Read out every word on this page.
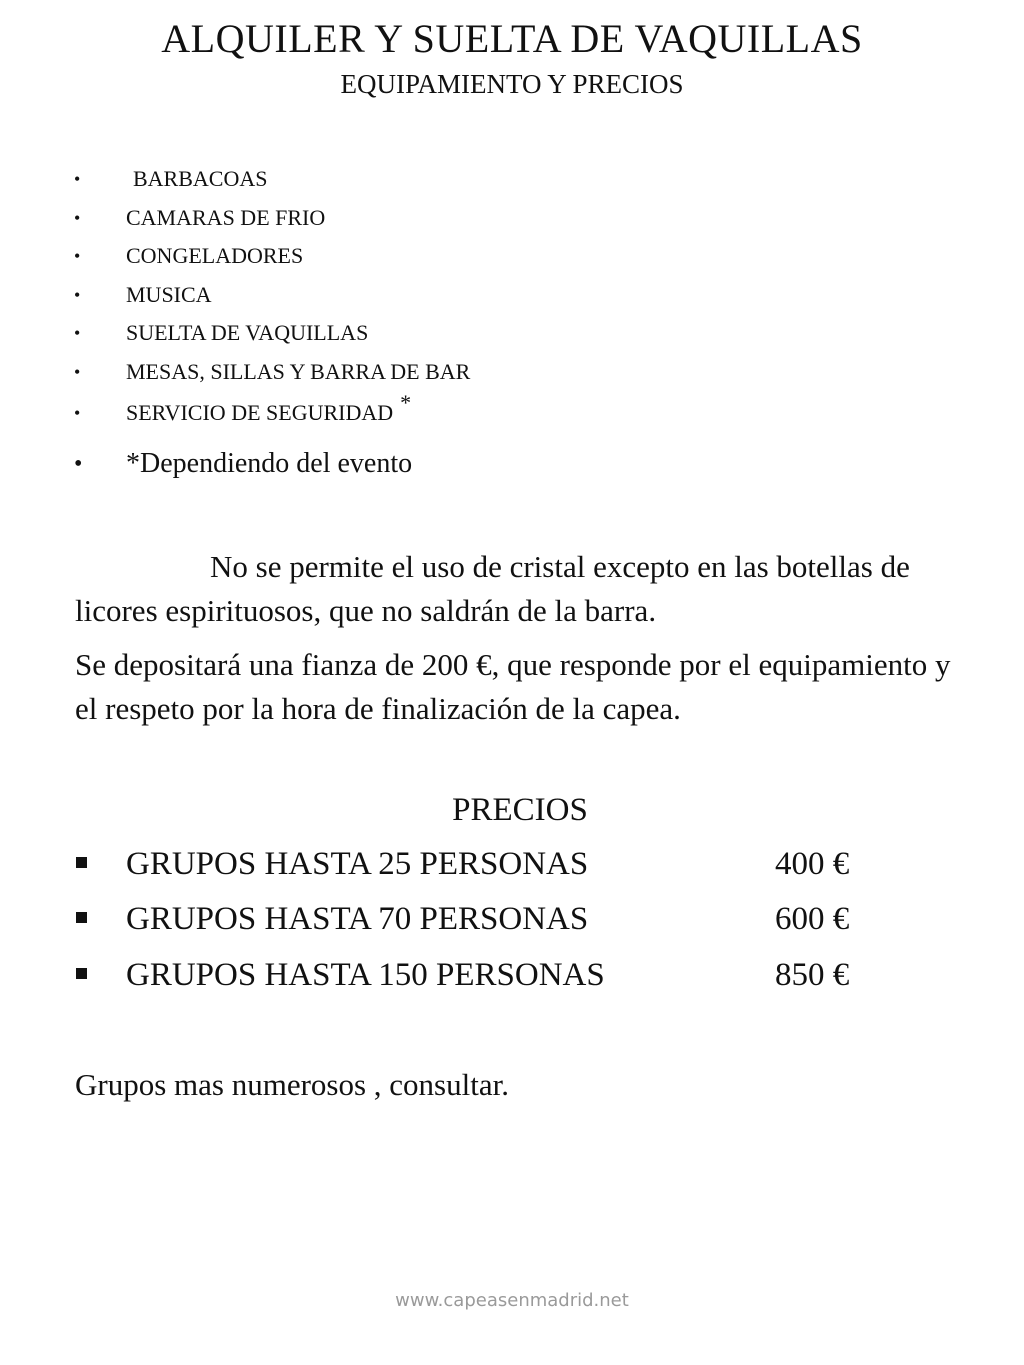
ALQUILER Y SUELTA DE VAQUILLAS
EQUIPAMIENTO Y PRECIOS
• BARBACOAS
• CAMARAS DE FRIO
• CONGELADORES
• MUSICA
• SUELTA DE VAQUILLAS
• MESAS, SILLAS Y BARRA DE BAR
• SERVICIO DE SEGURIDAD *
• *Dependiendo del evento

No se permite el uso de cristal excepto en las botellas de licores espirituosos, que no saldrán de la barra.

Se depositará una fianza de 200 €, que responde por el equipamiento y el respeto por la hora de finalización de la capea.

PRECIOS
GRUPOS HASTA 25 PERSONAS	400 €
GRUPOS HASTA 70 PERSONAS	600 €
GRUPOS HASTA 150 PERSONAS	850 €
Grupos mas numerosos , consultar.
www.capeasenmadrid.net
